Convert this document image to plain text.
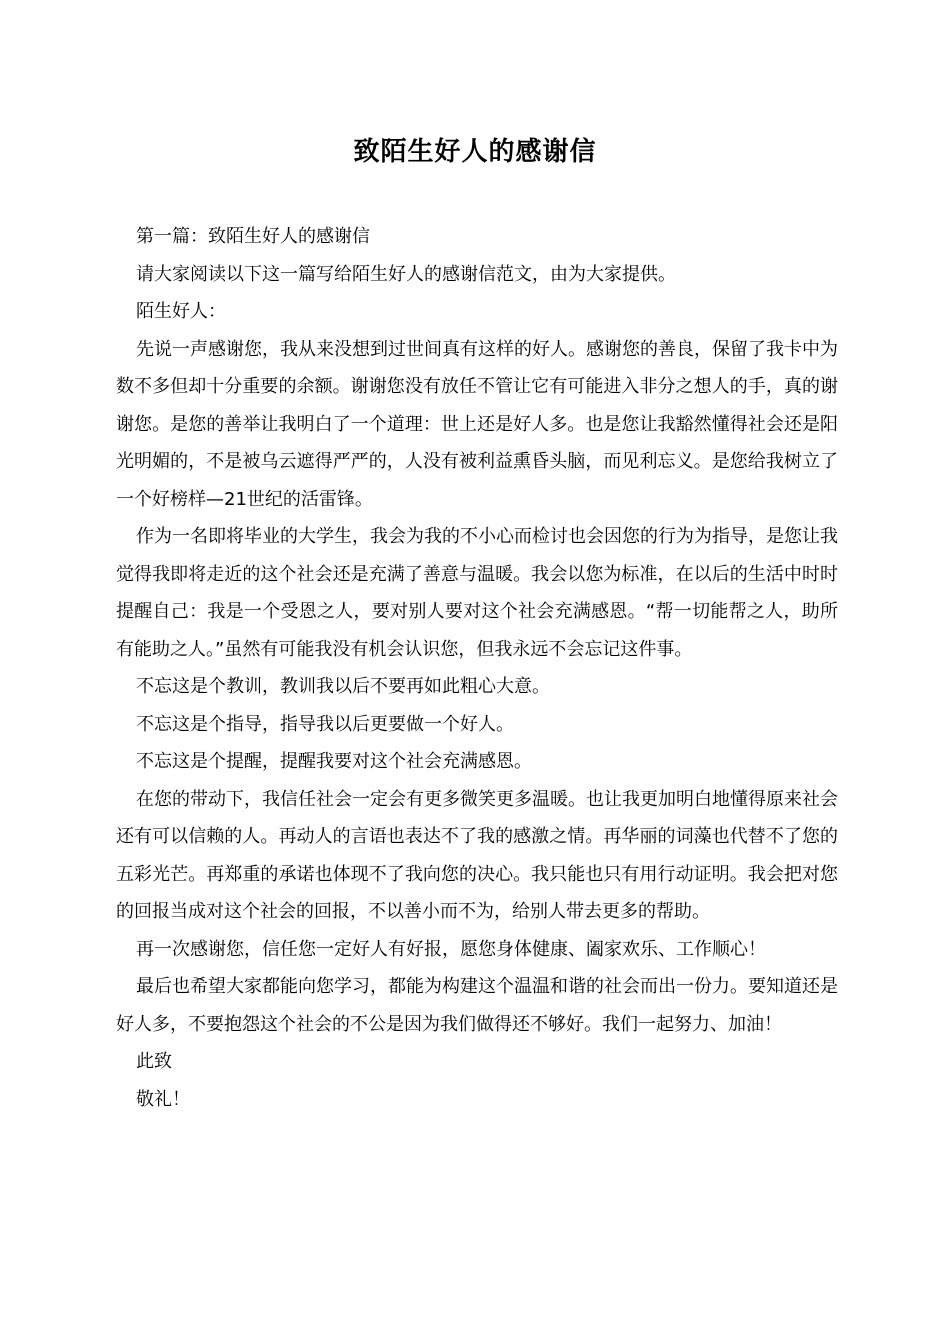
致陌生好人的感谢信

第一篇：致陌生好人的感谢信

请大家阅读以下这一篇写给陌生好人的感谢信范文，由为大家提供。

陌生好人：

先说一声感谢您，我从来没想到过世间真有这样的好人。感谢您的善良，保留了我卡中为数不多但却十分重要的余额。谢谢您没有放任不管让它有可能进入非分之想人的手，真的谢谢您。是您的善举让我明白了一个道理：世上还是好人多。也是您让我豁然懂得社会还是阳光明媚的，不是被乌云遮得严严的，人没有被利益熏昏头脑，而见利忘义。是您给我树立了一个好榜样—21世纪的活雷锋。

作为一名即将毕业的大学生，我会为我的不小心而检讨也会因您的行为为指导，是您让我觉得我即将走近的这个社会还是充满了善意与温暖。我会以您为标准，在以后的生活中时时提醒自己：我是一个受恩之人，要对别人要对这个社会充满感恩。“帮一切能帮之人，助所有能助之人。”虽然有可能我没有机会认识您，但我永远不会忘记这件事。

不忘这是个教训，教训我以后不要再如此粗心大意。

不忘这是个指导，指导我以后更要做一个好人。

不忘这是个提醒，提醒我要对这个社会充满感恩。

在您的带动下，我信任社会一定会有更多微笑更多温暖。也让我更加明白地懂得原来社会还有可以信赖的人。再动人的言语也表达不了我的感激之情。再华丽的词藻也代替不了您的五彩光芒。再郑重的承诺也体现不了我向您的决心。我只能也只有用行动证明。我会把对您的回报当成对这个社会的回报，不以善小而不为，给别人带去更多的帮助。

再一次感谢您，信任您一定好人有好报，愿您身体健康、阖家欢乐、工作顺心！

最后也希望大家都能向您学习，都能为构建这个温温和谐的社会而出一份力。要知道还是好人多，不要抱怨这个社会的不公是因为我们做得还不够好。我们一起努力、加油！

此致

敬礼！
